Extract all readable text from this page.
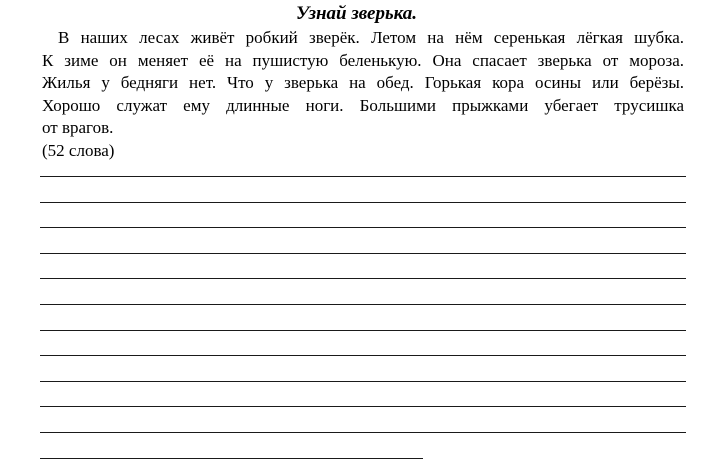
Узнай зверька.
В наших лесах живёт робкий зверёк. Летом на нём серенькая лёгкая шубка.
К зиме он меняет её на пушистую беленькую. Она спасает зверька от мороза.
Жилья у бедняги нет. Что у зверька на обед. Горькая кора осины или берёзы.
Хорошо служат ему длинные ноги. Большими прыжками убегает трусишка
от врагов.
(52 слова)
